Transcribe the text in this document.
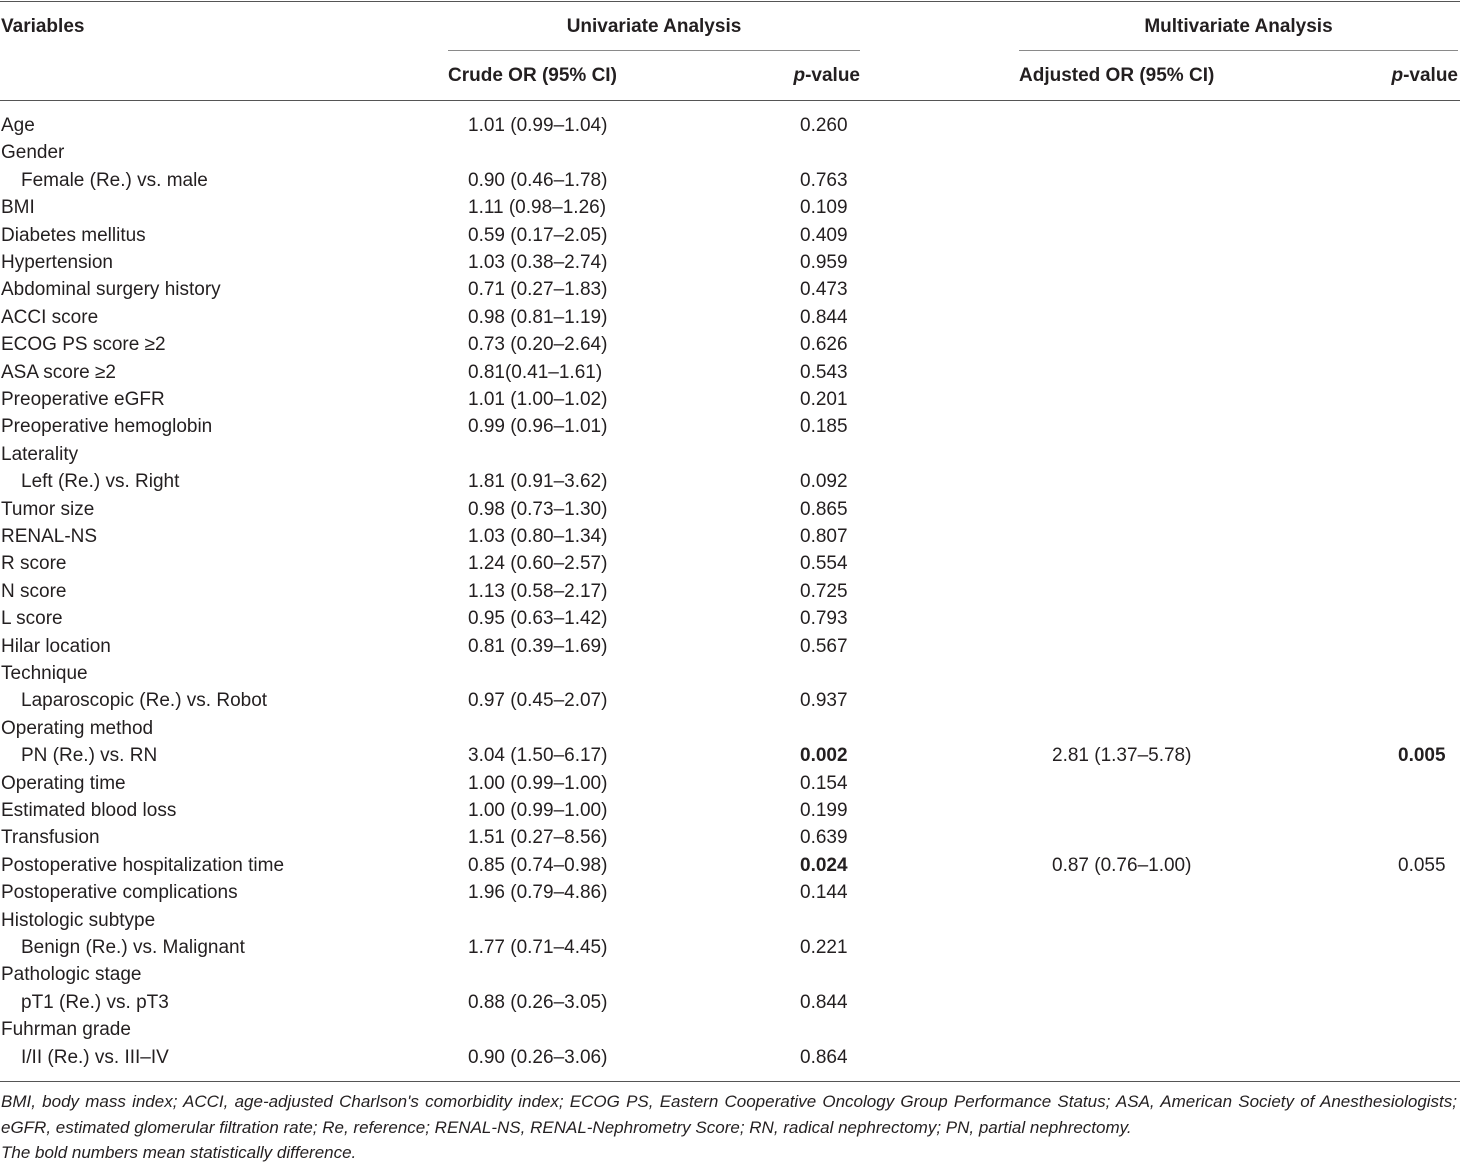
Variables	Univariate Analysis	Multivariate Analysis
Crude OR (95% CI)	p-value	Adjusted OR (95% CI)	p-value
Age	1.01 (0.99–1.04)	0.260
Gender
Female (Re.) vs. male	0.90 (0.46–1.78)	0.763
BMI	1.11 (0.98–1.26)	0.109
Diabetes mellitus	0.59 (0.17–2.05)	0.409
Hypertension	1.03 (0.38–2.74)	0.959
Abdominal surgery history	0.71 (0.27–1.83)	0.473
ACCI score	0.98 (0.81–1.19)	0.844
ECOG PS score ≥2	0.73 (0.20–2.64)	0.626
ASA score ≥2	0.81(0.41–1.61)	0.543
Preoperative eGFR	1.01 (1.00–1.02)	0.201
Preoperative hemoglobin	0.99 (0.96–1.01)	0.185
Laterality
Left (Re.) vs. Right	1.81 (0.91–3.62)	0.092
Tumor size	0.98 (0.73–1.30)	0.865
RENAL-NS	1.03 (0.80–1.34)	0.807
R score	1.24 (0.60–2.57)	0.554
N score	1.13 (0.58–2.17)	0.725
L score	0.95 (0.63–1.42)	0.793
Hilar location	0.81 (0.39–1.69)	0.567
Technique
Laparoscopic (Re.) vs. Robot	0.97 (0.45–2.07)	0.937
Operating method
PN (Re.) vs. RN	3.04 (1.50–6.17)	0.002	2.81 (1.37–5.78)	0.005
Operating time	1.00 (0.99–1.00)	0.154
Estimated blood loss	1.00 (0.99–1.00)	0.199
Transfusion	1.51 (0.27–8.56)	0.639
Postoperative hospitalization time	0.85 (0.74–0.98)	0.024	0.87 (0.76–1.00)	0.055
Postoperative complications	1.96 (0.79–4.86)	0.144
Histologic subtype
Benign (Re.) vs. Malignant	1.77 (0.71–4.45)	0.221
Pathologic stage
pT1 (Re.) vs. pT3	0.88 (0.26–3.05)	0.844
Fuhrman grade
I/II (Re.) vs. III–IV	0.90 (0.26–3.06)	0.864
BMI, body mass index; ACCI, age-adjusted Charlson's comorbidity index; ECOG PS, Eastern Cooperative Oncology Group Performance Status; ASA, American Society of Anesthesiologists; eGFR, estimated glomerular filtration rate; Re, reference; RENAL-NS, RENAL-Nephrometry Score; RN, radical nephrectomy; PN, partial nephrectomy.
The bold numbers mean statistically difference.
